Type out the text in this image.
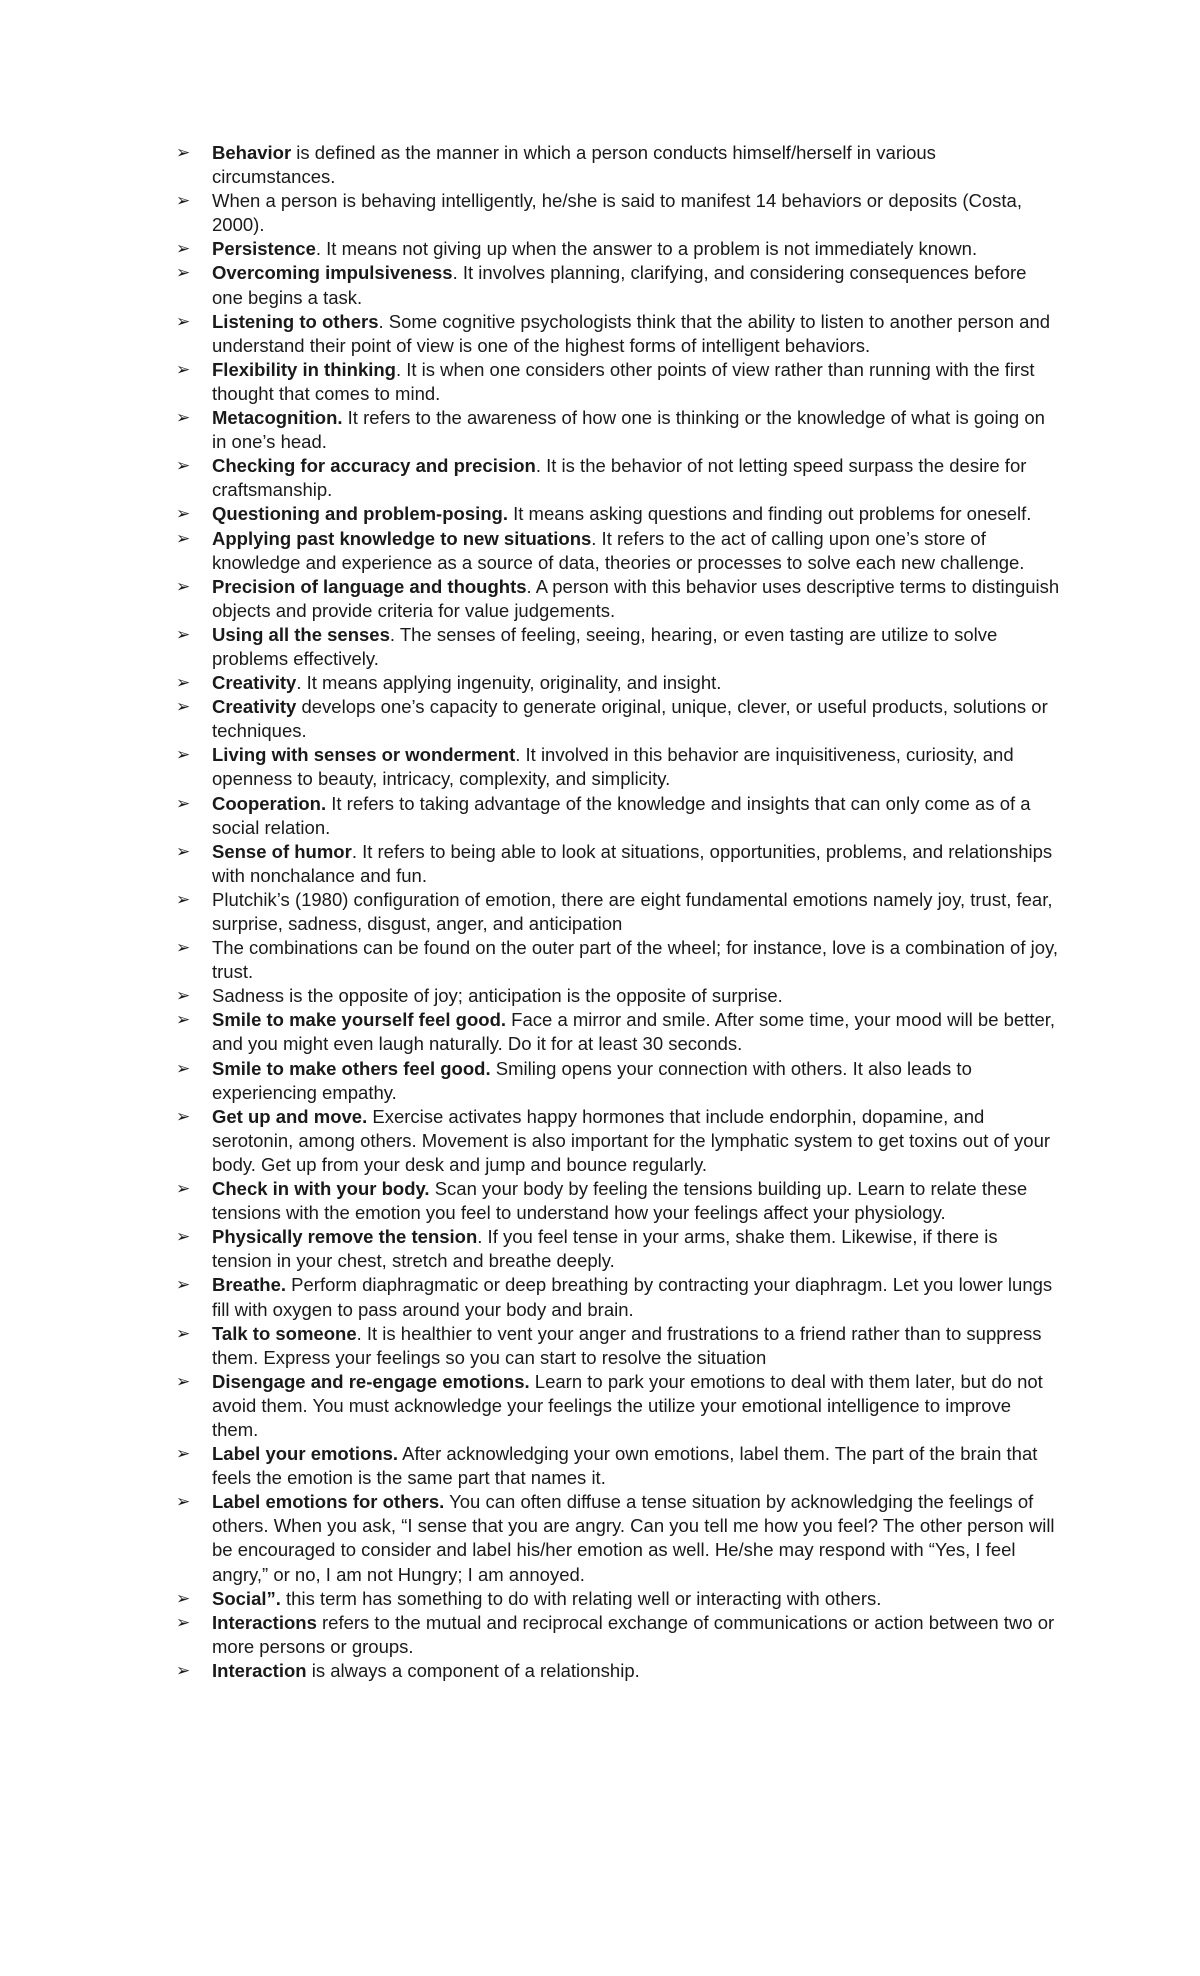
➢	Behavior is defined as the manner in which a person conducts himself/herself in various circumstances.
➢	When a person is behaving intelligently, he/she is said to manifest 14 behaviors or deposits (Costa, 2000).
➢	Persistence. It means not giving up when the answer to a problem is not immediately known.
➢	Overcoming impulsiveness. It involves planning, clarifying, and considering consequences before one begins a task.
➢	Listening to others. Some cognitive psychologists think that the ability to listen to another person and understand their point of view is one of the highest forms of intelligent behaviors.
➢	Flexibility in thinking. It is when one considers other points of view rather than running with the first thought that comes to mind.
➢	Metacognition. It refers to the awareness of how one is thinking or the knowledge of what is going on in one’s head.
➢	Checking for accuracy and precision. It is the behavior of not letting speed surpass the desire for craftsmanship.
➢	Questioning and problem-posing. It means asking questions and finding out problems for oneself.
➢	Applying past knowledge to new situations. It refers to the act of calling upon one’s store of knowledge and experience as a source of data, theories or processes to solve each new challenge.
➢	Precision of language and thoughts. A person with this behavior uses descriptive terms to distinguish objects and provide criteria for value judgements.
➢	Using all the senses. The senses of feeling, seeing, hearing, or even tasting are utilize to solve problems effectively.
➢	Creativity. It means applying ingenuity, originality, and insight.
➢	Creativity develops one’s capacity to generate original, unique, clever, or useful products, solutions or techniques.
➢	Living with senses or wonderment. It involved in this behavior are inquisitiveness, curiosity, and openness to beauty, intricacy, complexity, and simplicity.
➢	Cooperation. It refers to taking advantage of the knowledge and insights that can only come as of a social relation.
➢	Sense of humor. It refers to being able to look at situations, opportunities, problems, and relationships with nonchalance and fun.
➢	Plutchik’s (1980) configuration of emotion, there are eight fundamental emotions namely joy, trust, fear, surprise, sadness, disgust, anger, and anticipation
➢	The combinations can be found on the outer part of the wheel; for instance, love is a combination of joy, trust.
➢	Sadness is the opposite of joy; anticipation is the opposite of surprise.
➢	Smile to make yourself feel good. Face a mirror and smile. After some time, your mood will be better, and you might even laugh naturally. Do it for at least 30 seconds.
➢	Smile to make others feel good. Smiling opens your connection with others. It also leads to experiencing empathy.
➢	Get up and move. Exercise activates happy hormones that include endorphin, dopamine, and serotonin, among others. Movement is also important for the lymphatic system to get toxins out of your body. Get up from your desk and jump and bounce regularly.
➢	Check in with your body. Scan your body by feeling the tensions building up. Learn to relate these tensions with the emotion you feel to understand how your feelings affect your physiology.
➢	Physically remove the tension. If you feel tense in your arms, shake them. Likewise, if there is tension in your chest, stretch and breathe deeply.
➢	Breathe. Perform diaphragmatic or deep breathing by contracting your diaphragm. Let you lower lungs fill with oxygen to pass around your body and brain.
➢	Talk to someone. It is healthier to vent your anger and frustrations to a friend rather than to suppress them. Express your feelings so you can start to resolve the situation
➢	Disengage and re-engage emotions. Learn to park your emotions to deal with them later, but do not avoid them. You must acknowledge your feelings the utilize your emotional intelligence to improve them.
➢	Label your emotions. After acknowledging your own emotions, label them. The part of the brain that feels the emotion is the same part that names it.
➢	Label emotions for others. You can often diffuse a tense situation by acknowledging the feelings of others. When you ask, “I sense that you are angry. Can you tell me how you feel? The other person will be encouraged to consider and label his/her emotion as well. He/she may respond with “Yes, I feel angry,” or no, I am not Hungry; I am annoyed.
➢	Social”. this term has something to do with relating well or interacting with others.
➢	Interactions refers to the mutual and reciprocal exchange of communications or action between two or more persons or groups.
➢	Interaction is always a component of a relationship.
